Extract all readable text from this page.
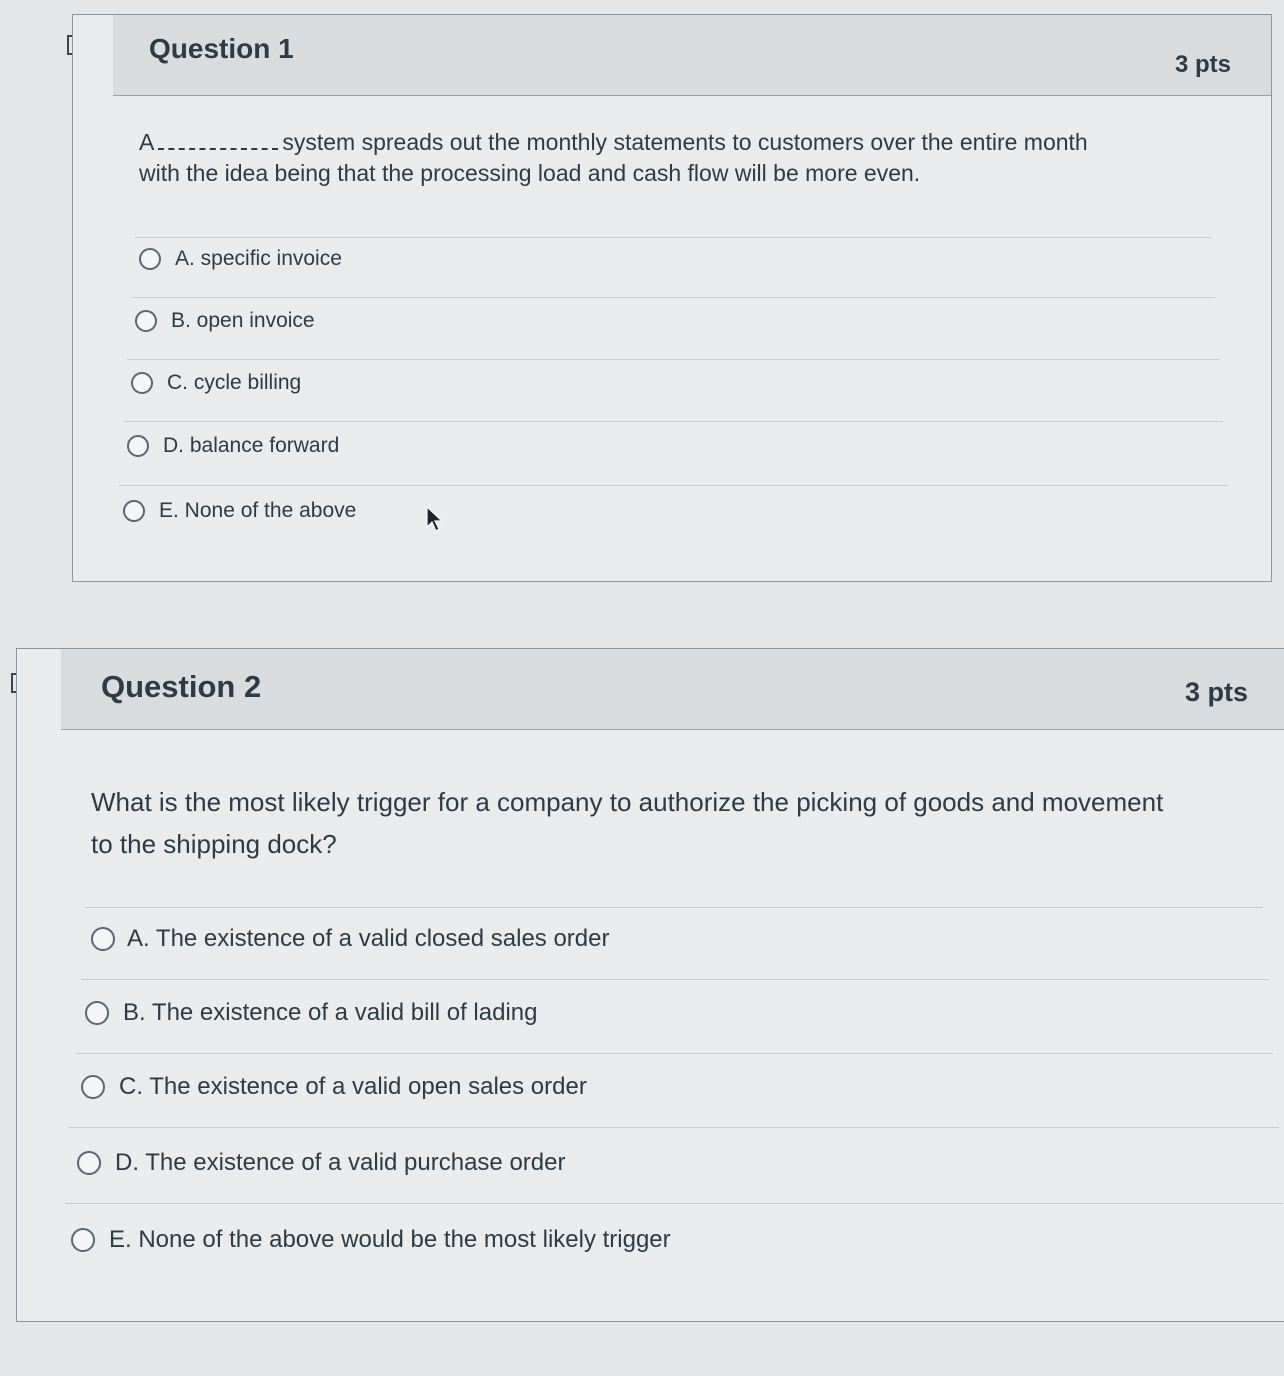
Question 1
3 pts
A	system spreads out the monthly statements to customers over the entire month
with the idea being that the processing load and cash flow will be more even.
A. specific invoice
B. open invoice
C. cycle billing
D. balance forward
E. None of the above
Question 2	3 pts
What is the most likely trigger for a company to authorize the picking of goods and movement
to the shipping dock?
A. The existence of a valid closed sales order
B. The existence of a valid bill of lading
C. The existence of a valid open sales order
D. The existence of a valid purchase order
E. None of the above would be the most likely trigger
